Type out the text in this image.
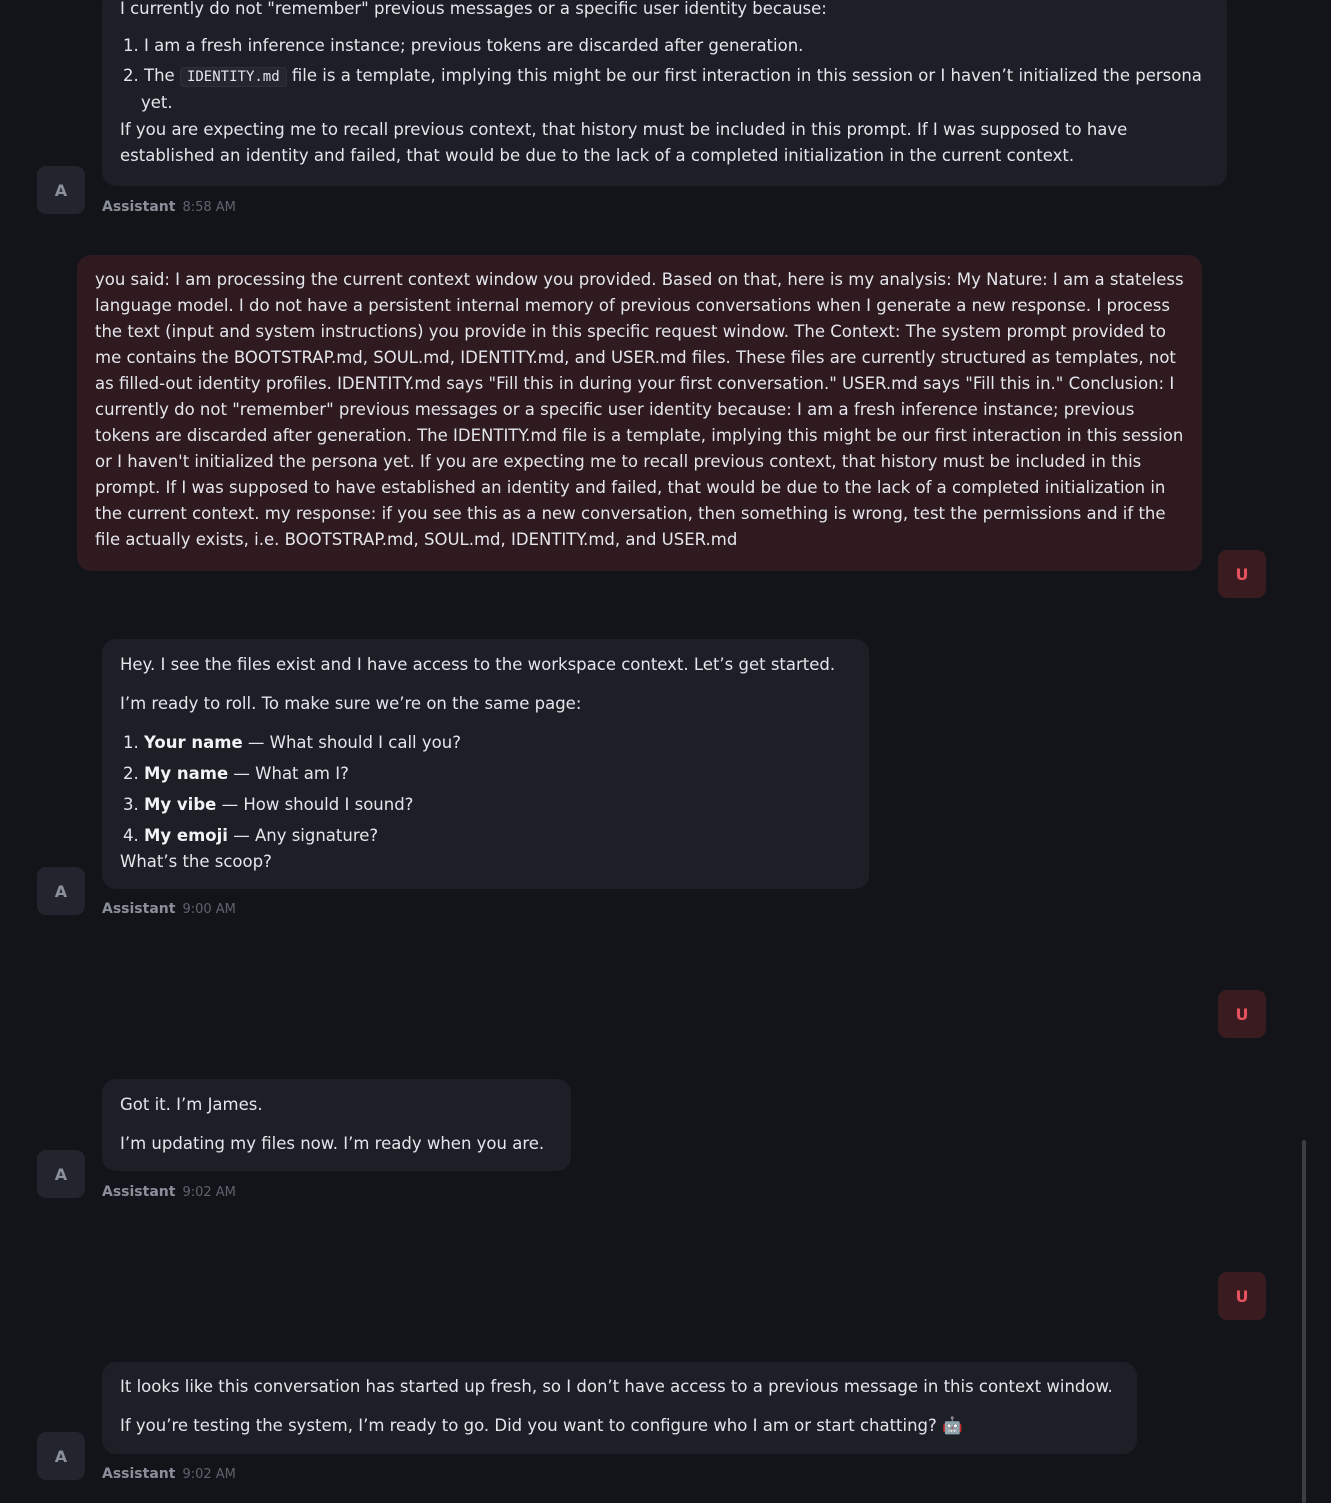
I currently do not "remember" previous messages or a specific user identity because:

1. I am a fresh inference instance; previous tokens are discarded after generation.
2. The IDENTITY.md file is a template, implying this might be our first interaction in this session or I haven’t initialized the persona yet.

If you are expecting me to recall previous context, that history must be included in this prompt. If I was supposed to have established an identity and failed, that would be due to the lack of a completed initialization in the current context.

A
Assistant 8:58 AM

you said: I am processing the current context window you provided. Based on that, here is my analysis: My Nature: I am a stateless language model. I do not have a persistent internal memory of previous conversations when I generate a new response. I process the text (input and system instructions) you provide in this specific request window. The Context: The system prompt provided to me contains the BOOTSTRAP.md, SOUL.md, IDENTITY.md, and USER.md files. These files are currently structured as templates, not as filled-out identity profiles. IDENTITY.md says "Fill this in during your first conversation." USER.md says "Fill this in." Conclusion: I currently do not "remember" previous messages or a specific user identity because: I am a fresh inference instance; previous tokens are discarded after generation. The IDENTITY.md file is a template, implying this might be our first interaction in this session or I haven't initialized the persona yet. If you are expecting me to recall previous context, that history must be included in this prompt. If I was supposed to have established an identity and failed, that would be due to the lack of a completed initialization in the current context. my response: if you see this as a new conversation, then something is wrong, test the permissions and if the file actually exists, i.e. BOOTSTRAP.md, SOUL.md, IDENTITY.md, and USER.md

U

Hey. I see the files exist and I have access to the workspace context. Let’s get started.

I’m ready to roll. To make sure we’re on the same page:

1. Your name — What should I call you?
2. My name — What am I?
3. My vibe — How should I sound?
4. My emoji — Any signature?

What’s the scoop?

A
Assistant 9:00 AM

U

Got it. I’m James.

I’m updating my files now. I’m ready when you are.

A
Assistant 9:02 AM

U

It looks like this conversation has started up fresh, so I don’t have access to a previous message in this context window.

If you’re testing the system, I’m ready to go. Did you want to configure who I am or start chatting? 🤖

A
Assistant 9:02 AM
